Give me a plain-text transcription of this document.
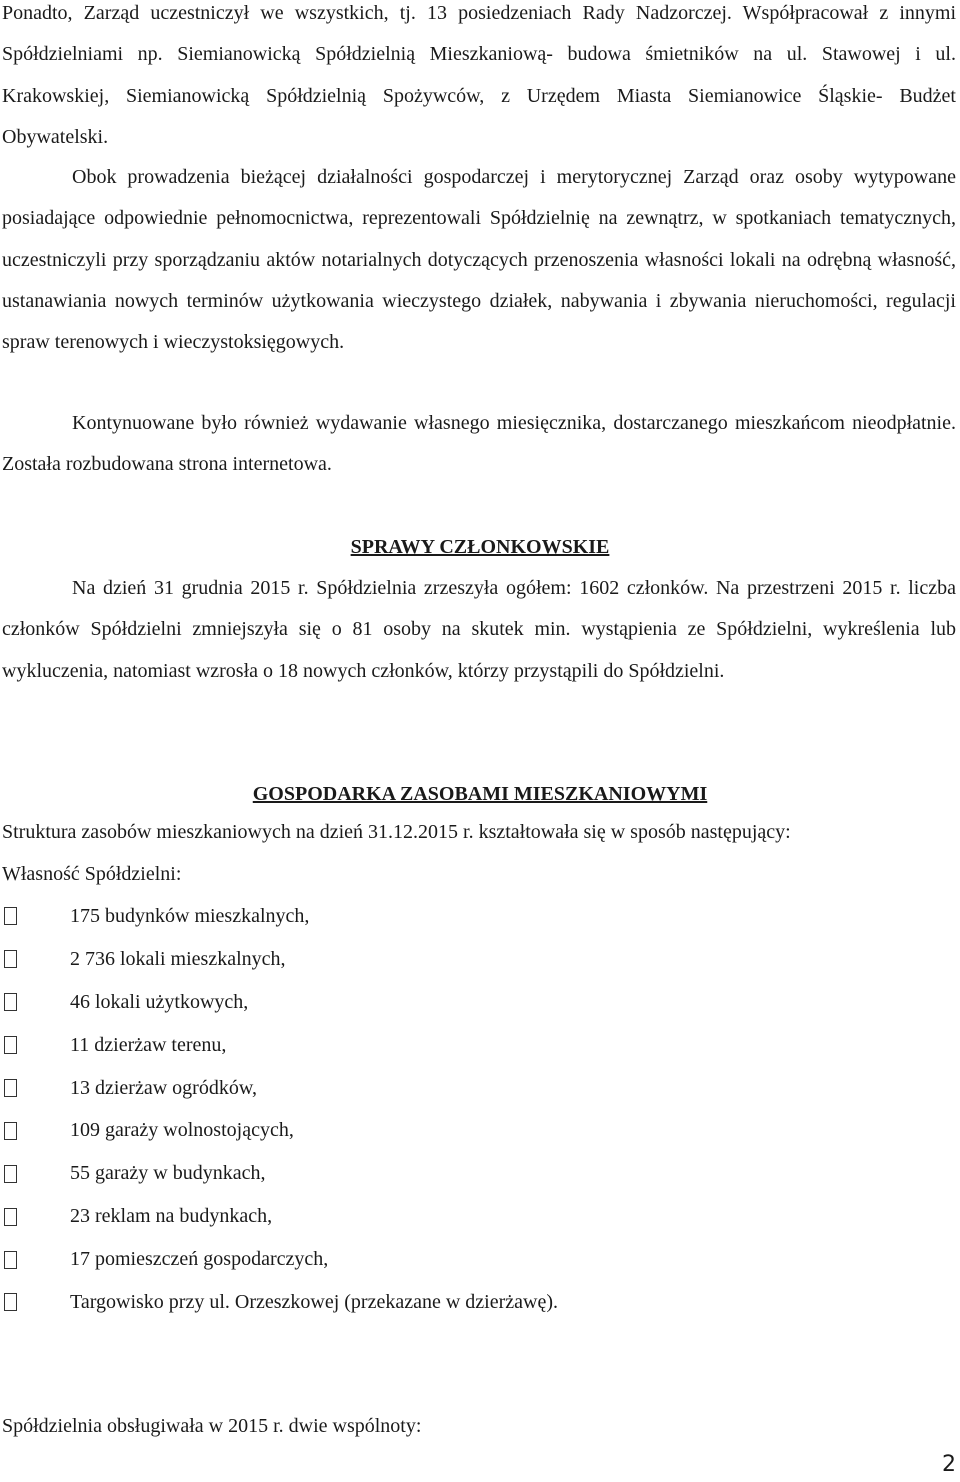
Ponadto, Zarząd uczestniczył we wszystkich, tj. 13 posiedzeniach Rady Nadzorczej. Współpracował z innymi Spółdzielniami np. Siemianowicką Spółdzielnią Mieszkaniową- budowa śmietników na ul. Stawowej i ul. Krakowskiej, Siemianowicką Spółdzielnią Spożywców, z Urzędem Miasta Siemianowice Śląskie- Budżet Obywatelski.

Obok prowadzenia bieżącej działalności gospodarczej i merytorycznej Zarząd oraz osoby wytypowane posiadające odpowiednie pełnomocnictwa, reprezentowali Spółdzielnię na zewnątrz, w spotkaniach tematycznych, uczestniczyli przy sporządzaniu aktów notarialnych dotyczących przenoszenia własności lokali na odrębną własność, ustanawiania nowych terminów użytkowania wieczystego działek, nabywania i zbywania nieruchomości, regulacji spraw terenowych i wieczystoksięgowych.

Kontynuowane było również wydawanie własnego miesięcznika, dostarczanego mieszkańcom nieodpłatnie. Została rozbudowana strona internetowa.

SPRAWY CZŁONKOWSKIE

Na dzień 31 grudnia 2015 r. Spółdzielnia zrzeszyła ogółem: 1602 członków. Na przestrzeni 2015 r. liczba członków Spółdzielni zmniejszyła się o 81 osoby na skutek min. wystąpienia ze Spółdzielni, wykreślenia lub wykluczenia, natomiast wzrosła o 18 nowych członków, którzy przystąpili do Spółdzielni.

GOSPODARKA ZASOBAMI MIESZKANIOWYMI

Struktura zasobów mieszkaniowych na dzień 31.12.2015 r. kształtowała się w sposób następujący:

Własność Spółdzielni:

175 budynków mieszkalnych,
2 736 lokali mieszkalnych,
46 lokali użytkowych,
11 dzierżaw terenu,
13 dzierżaw ogródków,
109 garaży wolnostojących,
55 garaży w budynkach,
23 reklam na budynkach,
17 pomieszczeń gospodarczych,
Targowisko przy ul. Orzeszkowej (przekazane w dzierżawę).

Spółdzielnia obsługiwała w 2015 r. dwie wspólnoty:

2
